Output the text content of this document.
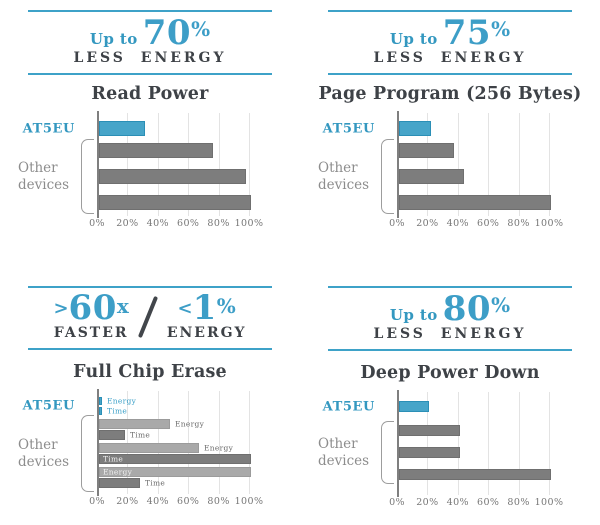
Up to 70%
LESS ENERGY
Read Power
0% 20% 40% 60% 80% 100%
AT5EU
Other
devices
Up to 75%
LESS ENERGY
Page Program (256 Bytes)
0% 20% 40% 60% 80% 100%
AT5EU
Other
devices
>60x
FASTER
<1%
ENERGY
Full Chip Erase
0% 20% 40% 60% 80% 100%
Energy
Time
Energy
Time
Energy
Time
Energy
Time
AT5EU
Other
devices
Up to 80%
LESS ENERGY
Deep Power Down
0% 20% 40% 60% 80% 100%
AT5EU
Other
devices
